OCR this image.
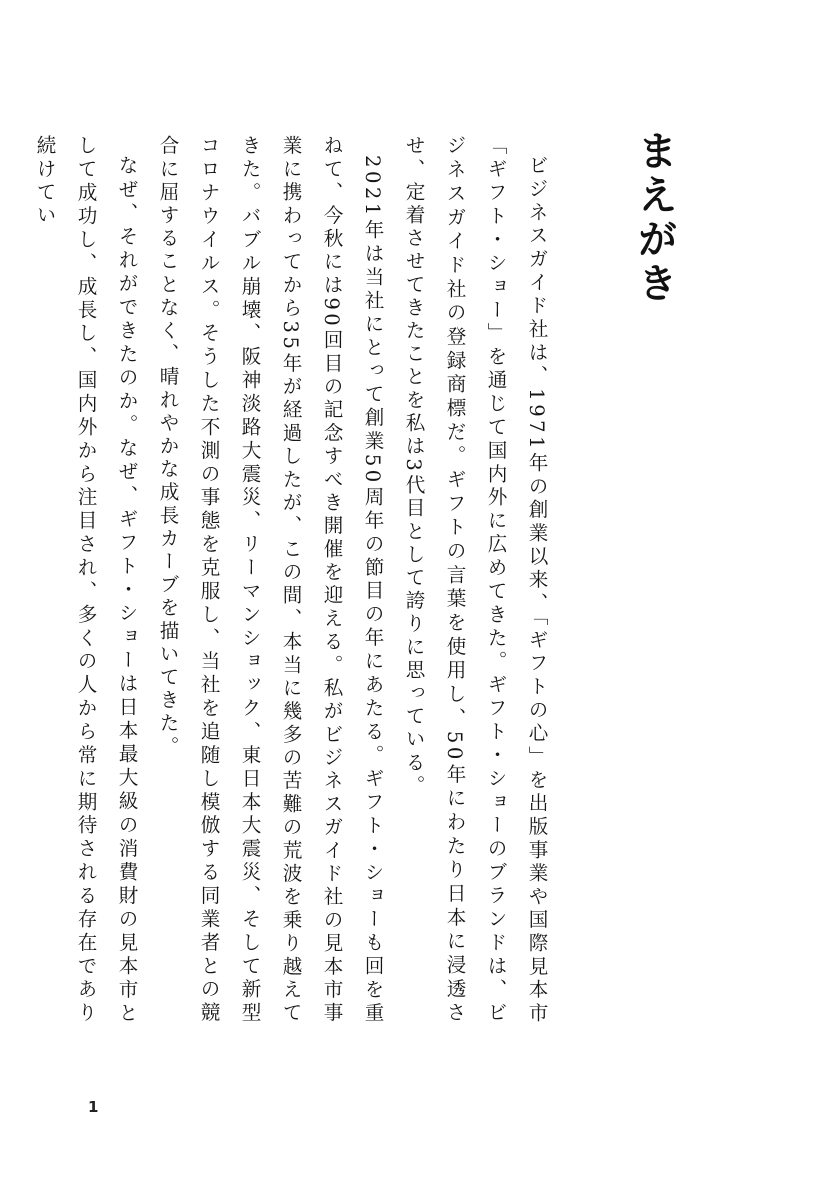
まえがき

ビジネスガイド社は、1971年の創業以来、「ギフトの心」を出版事業や国際見本市「ギフト・ショー」を通じて国内外に広めてきた。ギフト・ショーのブランドは、ビジネスガイド社の登録商標だ。ギフトの言葉を使用し、50年にわたり日本に浸透させ、定着させてきたことを私は3代目として誇りに思っている。

2021年は当社にとって創業50周年の節目の年にあたる。ギフト・ショーも回を重ねて、今秋には90回目の記念すべき開催を迎える。私がビジネスガイド社の見本市事業に携わってから35年が経過したが、この間、本当に幾多の苦難の荒波を乗り越えてきた。バブル崩壊、阪神淡路大震災、リーマンショック、東日本大震災、そして新型コロナウイルス。そうした不測の事態を克服し、当社を追随し模倣する同業者との競合に屈することなく、晴れやかな成長カーブを描いてきた。

なぜ、それができたのか。なぜ、ギフト・ショーは日本最大級の消費財の見本市として成功し、成長し、国内外から注目され、多くの人から常に期待される存在であり続けてい

1
